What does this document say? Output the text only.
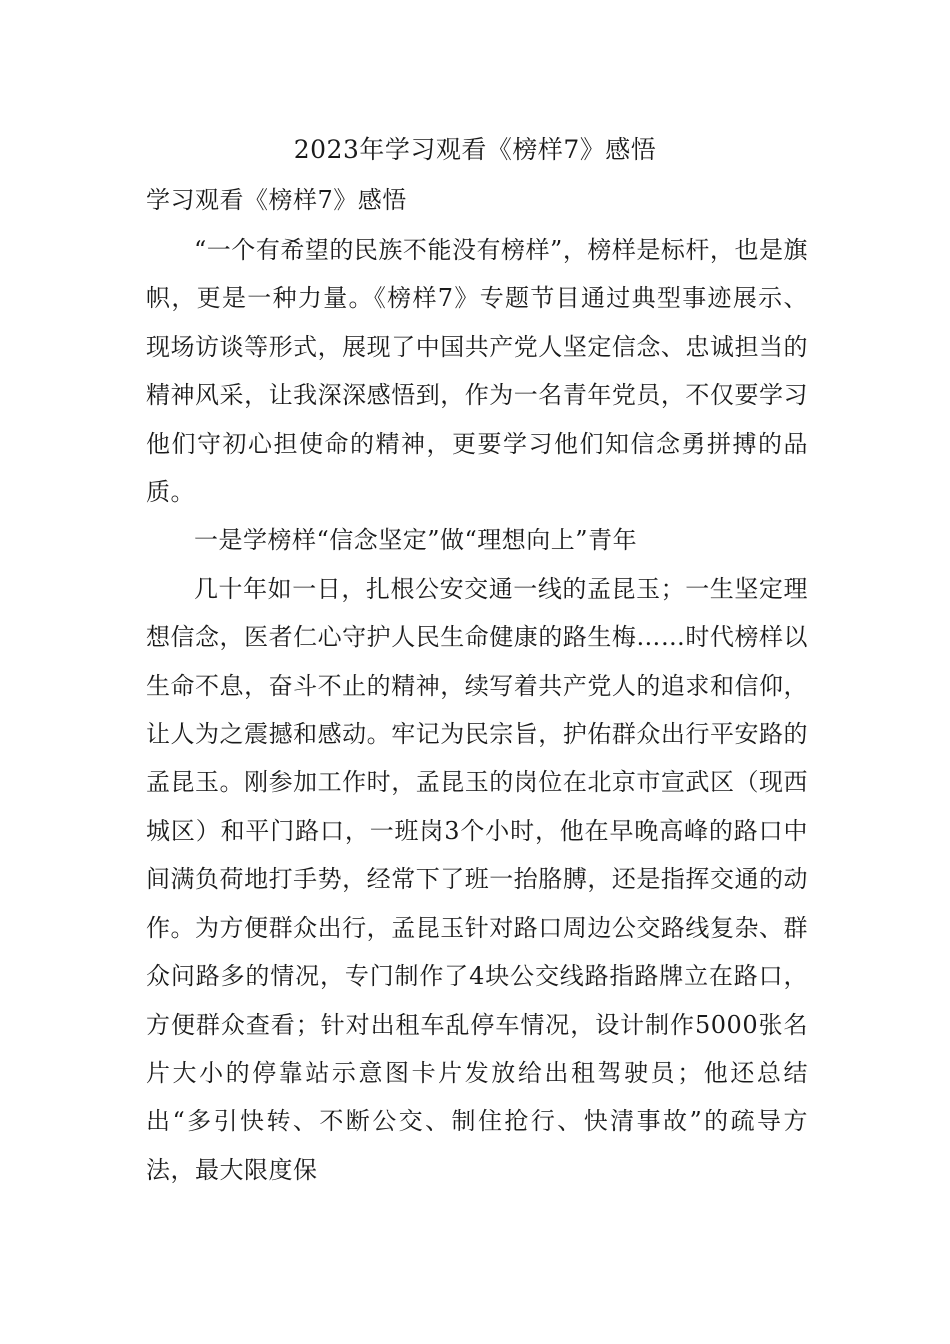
2023年学习观看《榜样7》感悟

学习观看《榜样7》感悟

“一个有希望的民族不能没有榜样”，榜样是标杆，也是旗帜，更是一种力量。《榜样7》专题节目通过典型事迹展示、现场访谈等形式，展现了中国共产党人坚定信念、忠诚担当的精神风采，让我深深感悟到，作为一名青年党员，不仅要学习他们守初心担使命的精神，更要学习他们知信念勇拼搏的品质。

一是学榜样“信念坚定”做“理想向上”青年

几十年如一日，扎根公安交通一线的孟昆玉；一生坚定理想信念，医者仁心守护人民生命健康的路生梅……时代榜样以生命不息，奋斗不止的精神，续写着共产党人的追求和信仰，让人为之震撼和感动。牢记为民宗旨，护佑群众出行平安路的孟昆玉。刚参加工作时，孟昆玉的岗位在北京市宣武区（现西城区）和平门路口，一班岗3个小时，他在早晚高峰的路口中间满负荷地打手势，经常下了班一抬胳膊，还是指挥交通的动作。为方便群众出行，孟昆玉针对路口周边公交路线复杂、群众问路多的情况，专门制作了4块公交线路指路牌立在路口，方便群众查看；针对出租车乱停车情况，设计制作5000张名片大小的停靠站示意图卡片发放给出租驾驶员；他还总结出“多引快转、不断公交、制住抢行、快清事故”的疏导方法，最大限度保
